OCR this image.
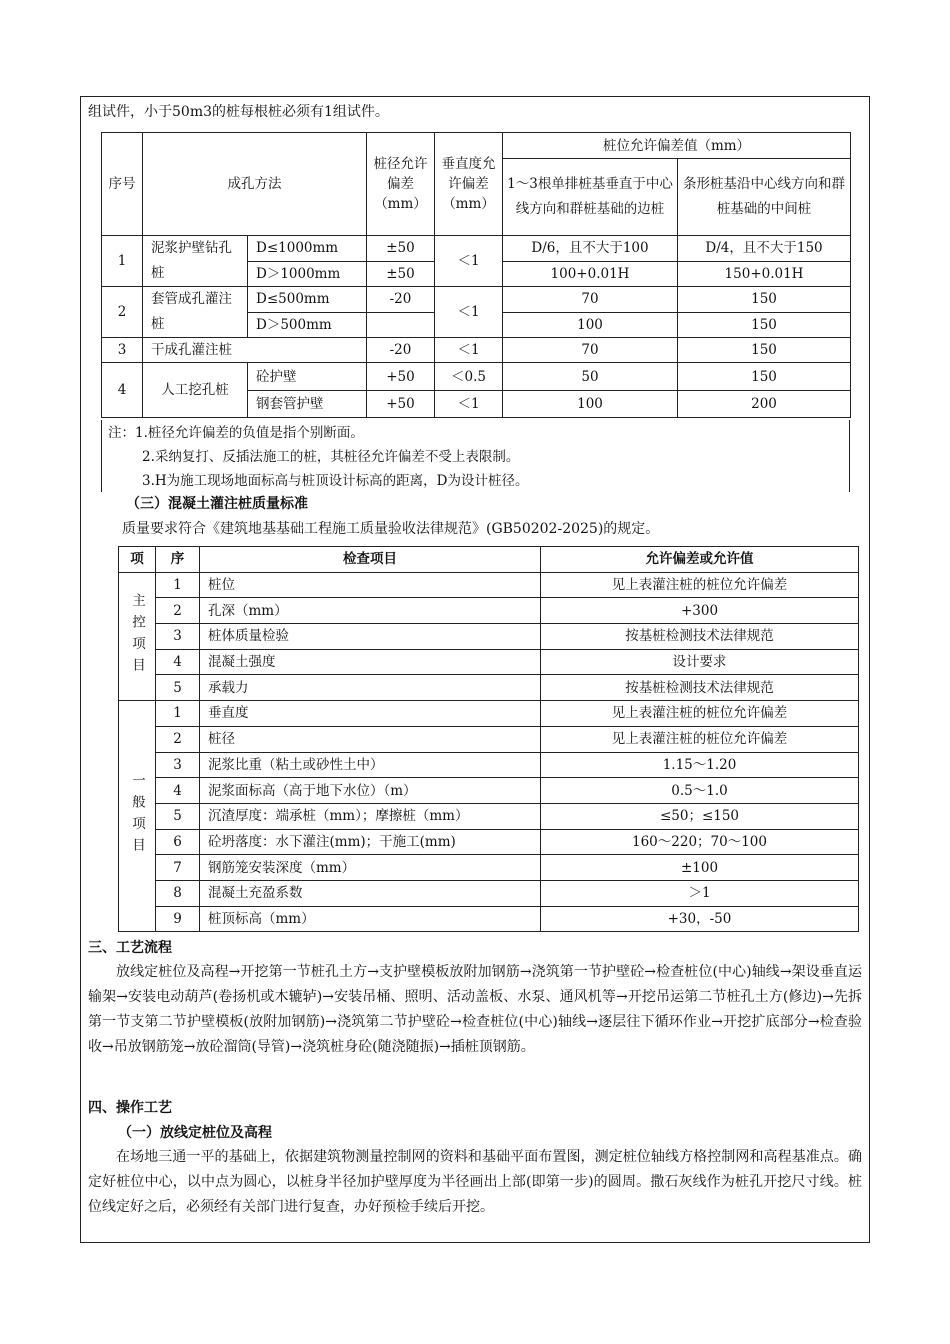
组试件，小于50m3的桩每根桩必须有1组试件。
序号	成孔方法		桩径允许偏差（mm）	垂直度允许偏差（mm）	桩位允许偏差值（mm）	
					1～3根单排桩基垂直于中心线方向和群桩基础的边桩	条形桩基沿中心线方向和群桩基础的中间桩
1	泥浆护壁钻孔桩	D≤1000mm	±50	＜1	D/6，且不大于100	D/4，且不大于150
		D＞1000mm	±50		100+0.01H	150+0.01H
2	套管成孔灌注桩	D≤500mm	-20	＜1	70	150
		D＞500mm			100	150
3	干成孔灌注桩		-20	＜1	70	150
4	人工挖孔桩	砼护壁	+50	＜0.5	50	150
		钢套管护壁	+50	＜1	100	200
注：1.桩径允许偏差的负值是指个别断面。
2.采纳复打、反插法施工的桩，其桩径允许偏差不受上表限制。
3.H为施工现场地面标高与桩顶设计标高的距离，D为设计桩径。
（三）混凝土灌注桩质量标准
质量要求符合《建筑地基基础工程施工质量验收法律规范》(GB50202-2025)的规定。
项	序	检查项目	允许偏差或允许值
主控项目	1	桩位	见上表灌注桩的桩位允许偏差
	2	孔深（mm）	+300
	3	桩体质量检验	按基桩检测技术法律规范
	4	混凝土强度	设计要求
	5	承载力	按基桩检测技术法律规范
一般项目	1	垂直度	见上表灌注桩的桩位允许偏差
	2	桩径	见上表灌注桩的桩位允许偏差
	3	泥浆比重（粘土或砂性土中）	1.15～1.20
	4	泥浆面标高（高于地下水位）（m）	0.5～1.0
	5	沉渣厚度：端承桩（mm）；摩擦桩（mm）	≤50；≤150
	6	砼坍落度：水下灌注(mm)；干施工(mm)	160～220；70～100
	7	钢筋笼安装深度（mm）	±100
	8	混凝土充盈系数	＞1
	9	桩顶标高（mm）	+30，-50
三、工艺流程
放线定桩位及高程→开挖第一节桩孔土方→支护壁模板放附加钢筋→浇筑第一节护壁砼→检查桩位(中心)轴线→架设垂直运输架→安装电动葫芦(卷扬机或木辘轳)→安装吊桶、照明、活动盖板、水泵、通风机等→开挖吊运第二节桩孔土方(修边)→先拆第一节支第二节护壁模板(放附加钢筋)→浇筑第二节护壁砼→检查桩位(中心)轴线→逐层往下循环作业→开挖扩底部分→检查验收→吊放钢筋笼→放砼溜筒(导管)→浇筑桩身砼(随浇随振)→插桩顶钢筋。
四、操作工艺
（一）放线定桩位及高程
在场地三通一平的基础上，依据建筑物测量控制网的资料和基础平面布置图，测定桩位轴线方格控制网和高程基准点。确定好桩位中心，以中点为圆心，以桩身半径加护壁厚度为半径画出上部(即第一步)的圆周。撒石灰线作为桩孔开挖尺寸线。桩位线定好之后，必须经有关部门进行复查，办好预检手续后开挖。
